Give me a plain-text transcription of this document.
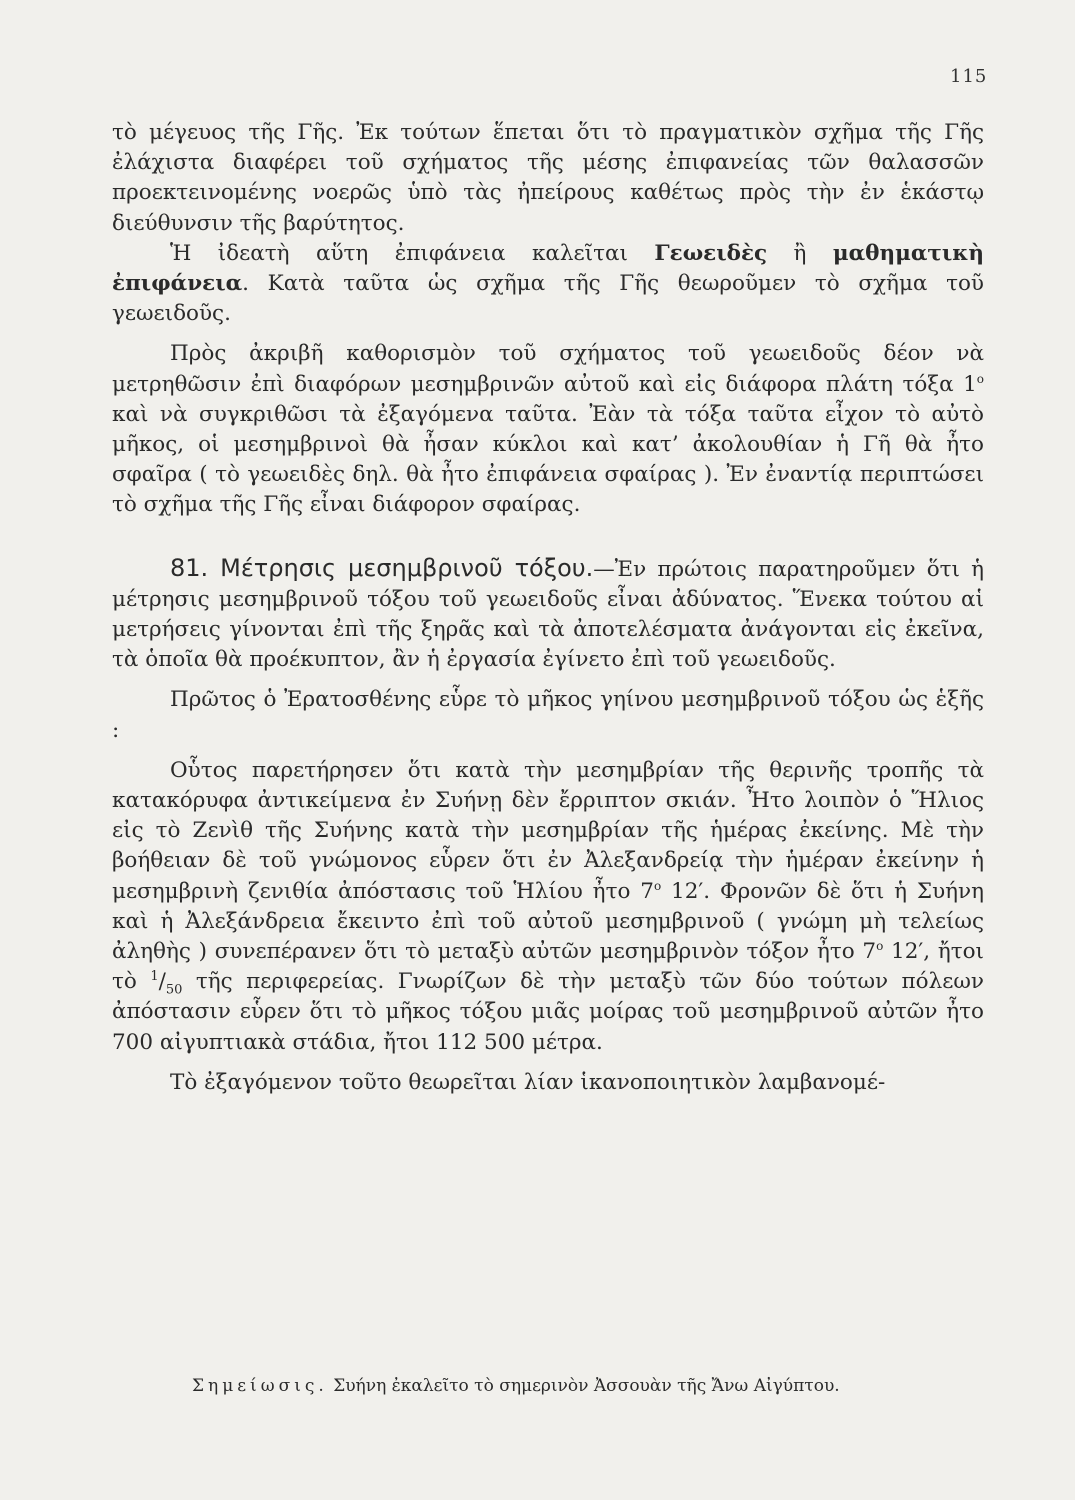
115

τὸ μέγευος τῆς Γῆς. Ἐκ τούτων ἕπεται ὅτι τὸ πραγματικὸν σχῆμα τῆς Γῆς ἐλάχιστα διαφέρει τοῦ σχήματος τῆς μέσης ἐπιφανείας τῶν θαλασσῶν προεκτεινομένης νοερῶς ὑπὸ τὰς ἠπείρους καθέτως πρὸς τὴν ἐν ἑκάστῳ διεύθυνσιν τῆς βαρύτητος.

Ἡ ἰδεατὴ αὕτη ἐπιφάνεια καλεῖται Γεωειδὲς ἢ μαθηματικὴ ἐπιφάνεια. Κατὰ ταῦτα ὡς σχῆμα τῆς Γῆς θεωροῦμεν τὸ σχῆμα τοῦ γεωειδοῦς.

Πρὸς ἀκριβῆ καθορισμὸν τοῦ σχήματος τοῦ γεωειδοῦς δέον νὰ μετρηθῶσιν ἐπὶ διαφόρων μεσημβρινῶν αὐτοῦ καὶ εἰς διάφορα πλάτη τόξα $1^o$ καὶ νὰ συγκριθῶσι τὰ ἐξαγόμενα ταῦτα. Ἐὰν τὰ τόξα ταῦτα εἶχον τὸ αὐτὸ μῆκος, οἱ μεσημβρινοὶ θὰ ἦσαν κύκλοι καὶ κατ’ ἀκολουθίαν ἡ Γῆ θὰ ἦτο σφαῖρα ( τὸ γεωειδὲς δηλ. θὰ ἦτο ἐπιφάνεια σφαίρας ). Ἐν ἐναντίᾳ περιπτώσει τὸ σχῆμα τῆς Γῆς εἶναι διάφορον σφαίρας.

81. Μέτρησις μεσημβρινοῦ τόξου.—Ἐν πρώτοις παρατηροῦμεν ὅτι ἡ μέτρησις μεσημβρινοῦ τόξου τοῦ γεωειδοῦς εἶναι ἀδύνατος. Ἕνεκα τούτου αἱ μετρήσεις γίνονται ἐπὶ τῆς ξηρᾶς καὶ τὰ ἀποτελέσματα ἀνάγονται εἰς ἐκεῖνα, τὰ ὁποῖα θὰ προέκυπτον, ἂν ἡ ἐργασία ἐγίνετο ἐπὶ τοῦ γεωειδοῦς.

Πρῶτος ὁ Ἐρατοσθένης εὗρε τὸ μῆκος γηίνου μεσημβρινοῦ τόξου ὡς ἑξῆς :

Οὗτος παρετήρησεν ὅτι κατὰ τὴν μεσημβρίαν τῆς θερινῆς τροπῆς τὰ κατακόρυφα ἀντικείμενα ἐν Συήνῃ δὲν ἔρριπτον σκιάν. Ἦτο λοιπὸν ὁ Ἥλιος εἰς τὸ Ζενὶθ τῆς Συήνης κατὰ τὴν μεσημβρίαν τῆς ἡμέρας ἐκείνης. Μὲ τὴν βοήθειαν δὲ τοῦ γνώμονος εὗρεν ὅτι ἐν Ἀλεξανδρείᾳ τὴν ἡμέραν ἐκείνην ἡ μεσημβρινὴ ζενιθία ἀπόστασις τοῦ Ἡλίου ἦτο $7^o$ 12′. Φρονῶν δὲ ὅτι ἡ Συήνη καὶ ἡ Ἀλεξάνδρεια ἔκειντο ἐπὶ τοῦ αὐτοῦ μεσημβρινοῦ ( γνώμη μὴ τελείως ἀληθὴς ) συνεπέρανεν ὅτι τὸ μεταξὺ αὐτῶν μεσημβρινὸν τόξον ἦτο $7^o$ 12′, ἤτοι τὸ $^1/_{50}$ τῆς περιφερείας. Γνωρίζων δὲ τὴν μεταξὺ τῶν δύο τούτων πόλεων ἀπόστασιν εὗρεν ὅτι τὸ μῆκος τόξου μιᾶς μοίρας τοῦ μεσημβρινοῦ αὐτῶν ἦτο 700 αἰγυπτιακὰ στάδια, ἤτοι 112 500 μέτρα.

Τὸ ἐξαγόμενον τοῦτο θεωρεῖται λίαν ἱκανοποιητικὸν λαμβανομέ-

Σημείωσις. Συήνη ἐκαλεῖτο τὸ σημερινὸν Ἀσσουὰν τῆς Ἄνω Αἰγύπτου.
